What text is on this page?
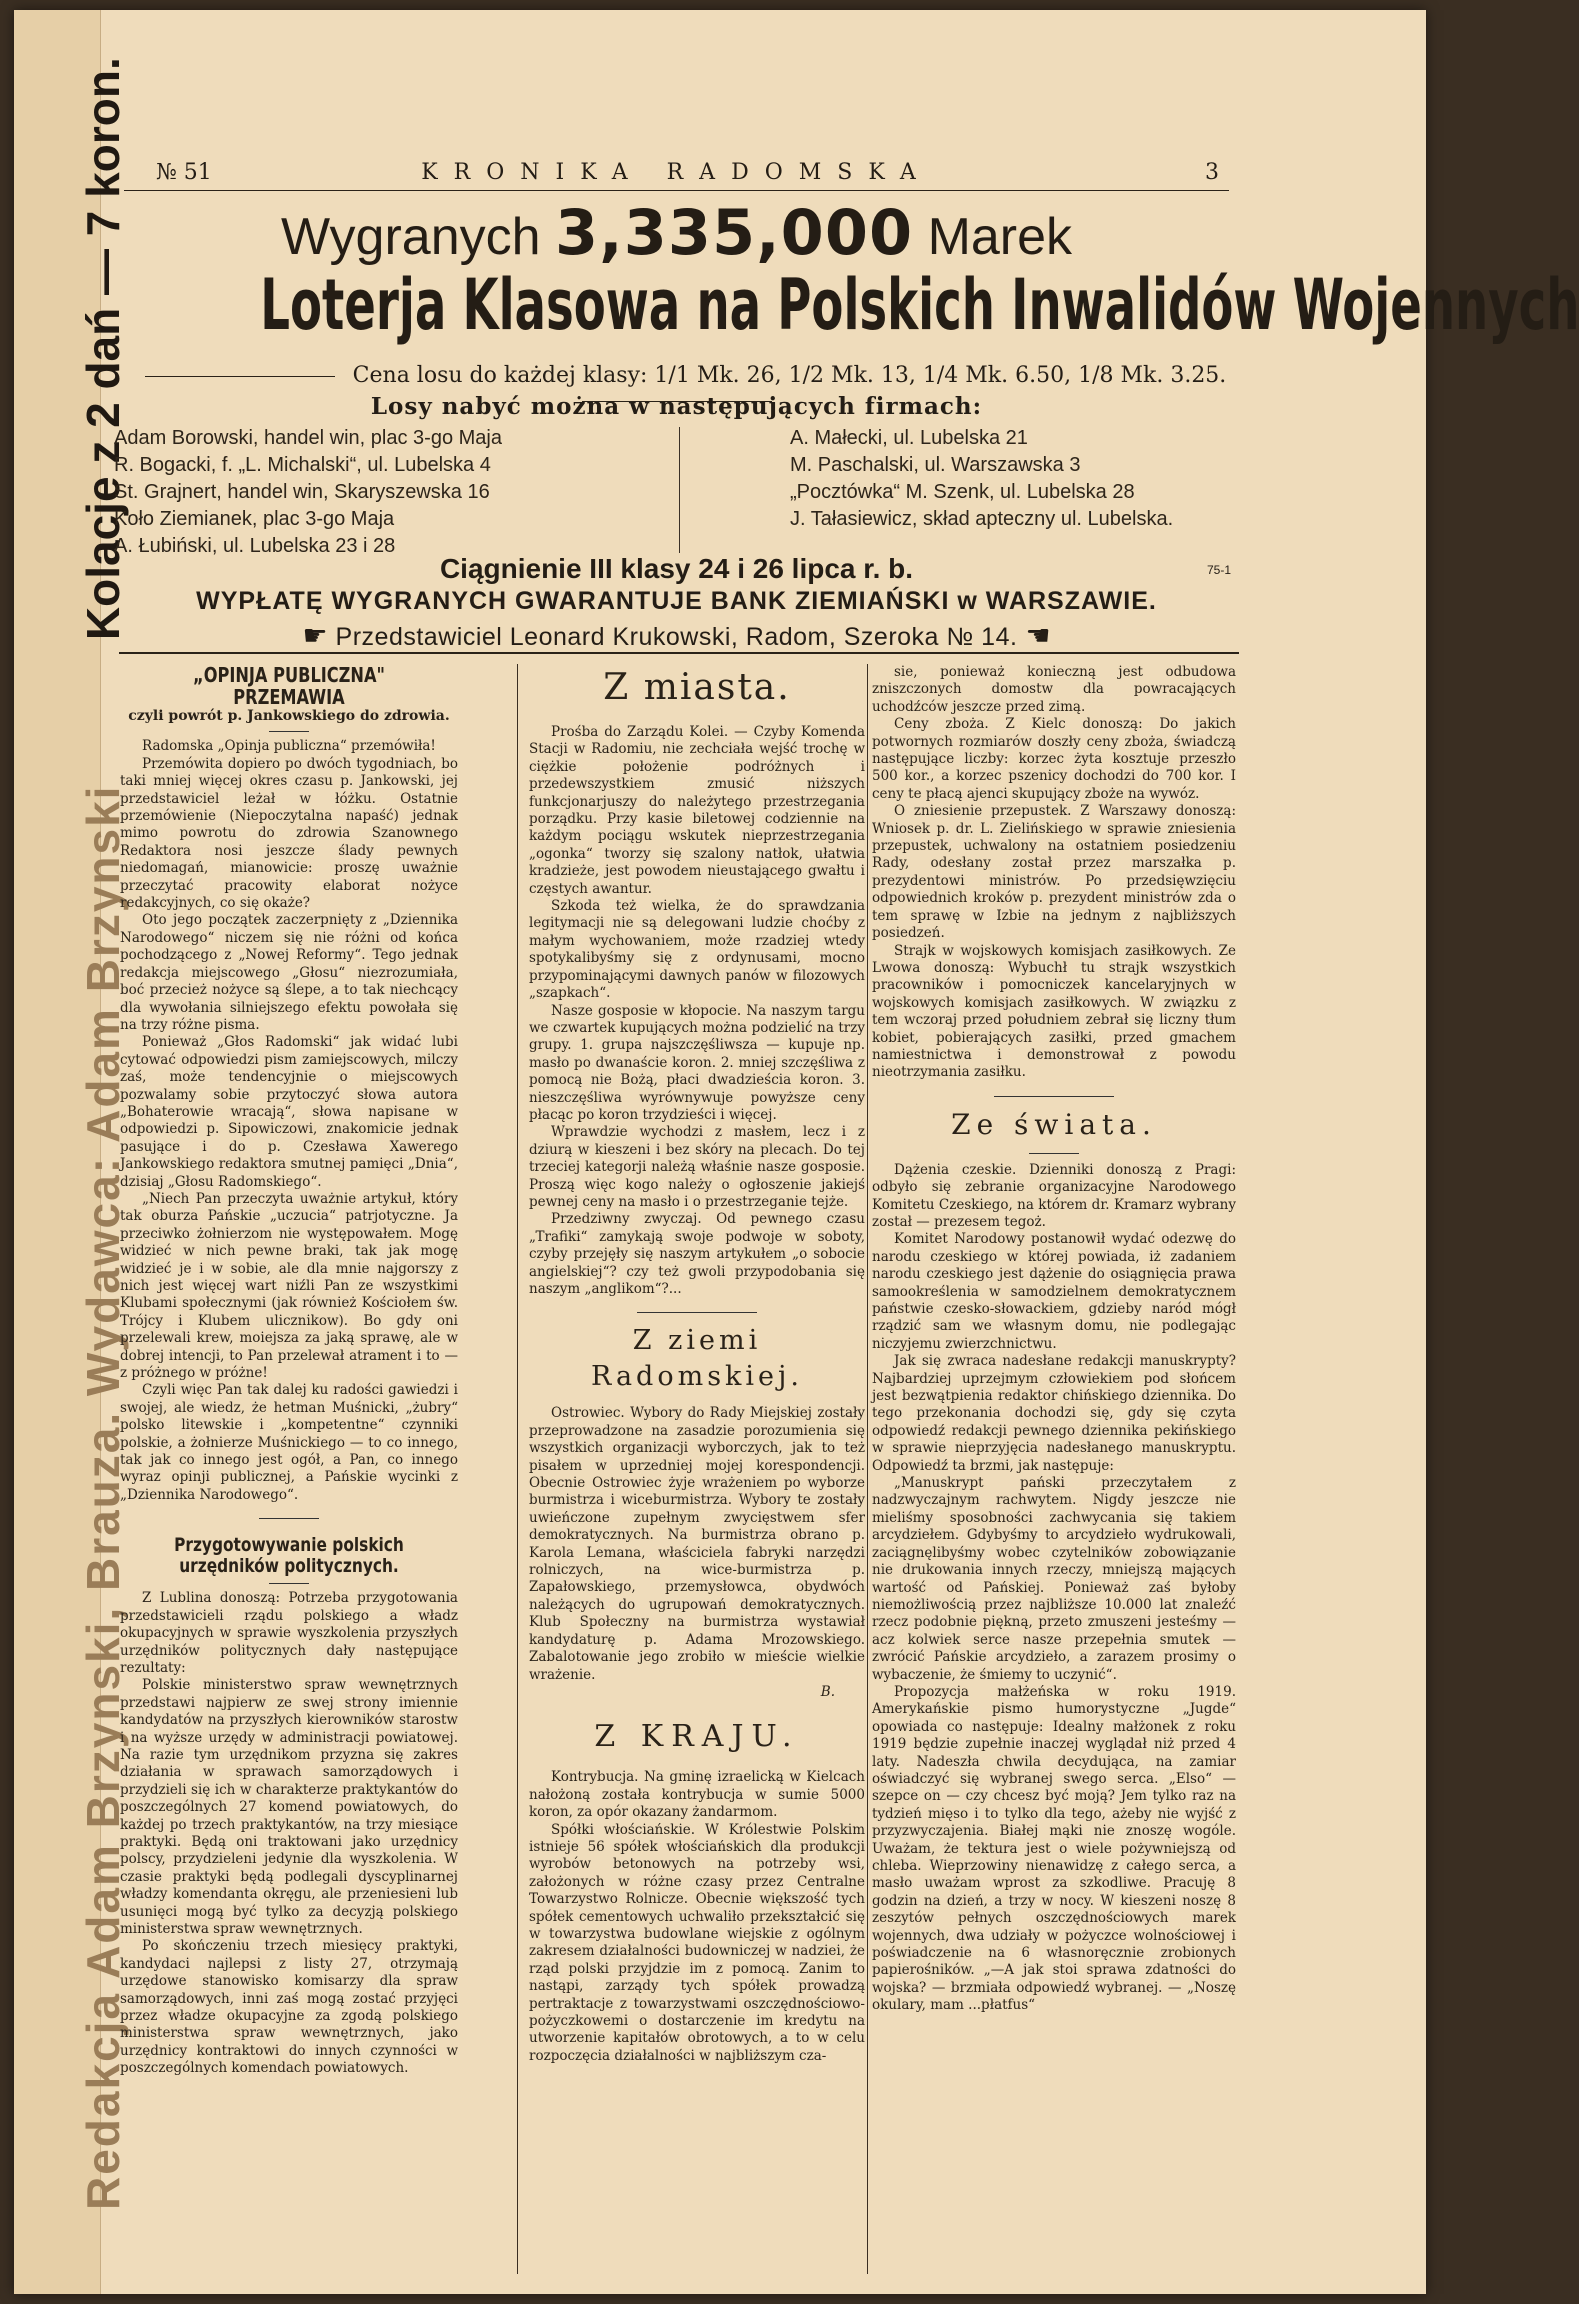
Redakcja Adam Brzynski, Brauza. Wydawca: Adam Brzynski Kolacje z 2 dań — 7 koron. № 51	KRONIKA RADOMSKA	3
Wygranych 3,335,000 Marek
Loterja Klasowa na Polskich Inwalidów Wojennych
Cena losu do każdej klasy: 1/1 Mk. 26, 1/2 Mk. 13, 1/4 Mk. 6.50, 1/8 Mk. 3.25.
Losy nabyć można w następujących firmach:
Adam Borowski, handel win, plac 3-go Maja
R. Bogacki, f. „L. Michalski“, ul. Lubelska 4
St. Grajnert, handel win, Skaryszewska 16
Koło Ziemianek, plac 3-go Maja
A. Łubiński, ul. Lubelska 23 i 28
A. Małecki, ul. Lubelska 21
M. Paschalski, ul. Warszawska 3
„Pocztówka“ M. Szenk, ul. Lubelska 28
J. Tałasiewicz, skład apteczny ul. Lubelska.
Ciągnienie III klasy 24 i 26 lipca r. b.	75-1
WYPŁATĘ WYGRANYCH GWARANTUJE BANK ZIEMIAŃSKI w WARSZAWIE.
☛ Przedstawiciel Leonard Krukowski, Radom, Szeroka № 14. ☛
„OPINJA PUBLICZNA" PRZEMAWIA
czyli powrót p. Jankowskiego do zdrowia.

Radomska „Opinja publiczna“ przemówiła!

Przemówita dopiero po dwóch tygodniach, bo taki mniej więcej okres czasu p. Jankowski, jej przedstawiciel leżał w łóżku. Ostatnie przemówienie (Niepoczytalna napaść) jednak mimo powrotu do zdrowia Szanownego Redaktora nosi jeszcze ślady pewnych niedomagań, mianowicie: proszę uważnie przeczytać pracowity elaborat nożyce redakcyjnych, co się okaże?

Oto jego początek zaczerpnięty z „Dziennika Narodowego“ niczem się nie różni od końca pochodzącego z „Nowej Reformy“. Tego jednak redakcja miejscowego „Głosu“ niezrozumiała, boć przecież nożyce są ślepe, a to tak niechcący dla wywołania silniejszego efektu powołała się na trzy różne pisma.

Ponieważ „Głos Radomski“ jak widać lubi cytować odpowiedzi pism zamiejscowych, milczy zaś, może tendencyjnie o miejscowych pozwalamy sobie przytoczyć słowa autora „Bohaterowie wracają“, słowa napisane w odpowiedzi p. Sipowiczowi, znakomicie jednak pasujące i do p. Czesława Xawerego Jankowskiego redaktora smutnej pamięci „Dnia“, dzisiaj „Głosu Radomskiego“.

„Niech Pan przeczyta uważnie artykuł, który tak oburza Pańskie „uczucia“ patrjotyczne. Ja przeciwko żołnierzom nie występowałem. Mogę widzieć w nich pewne braki, tak jak mogę widzieć je i w sobie, ale dla mnie najgorszy z nich jest więcej wart niźli Pan ze wszystkimi Klubami społecznymi (jak również Kościołem św. Trójcy i Klubem ulicznikow). Bo gdy oni przelewali krew, moiejsza za jaką sprawę, ale w dobrej intencji, to Pan przelewał atrament i to — z próżnego w próżne!

Czyli więc Pan tak dalej ku radości gawiedzi i swojej, ale wiedz, że hetman Muśnicki, „żubry“ polsko litewskie i „kompetentne“ czynniki polskie, a żołnierze Muśnickiego — to co innego, tak jak co innego jest ogół, a Pan, co innego wyraz opinji publicznej, a Pańskie wycinki z „Dziennika Narodowego“.

Przygotowywanie polskich urzędników politycznych.

Z Lublina donoszą: Potrzeba przygotowania przedstawicieli rządu polskiego a władz okupacyjnych w sprawie wyszkolenia przyszłych urzędników politycznych dały następujące rezultaty:

Polskie ministerstwo spraw wewnętrznych przedstawi najpierw ze swej strony imiennie kandydatów na przyszłych kierowników starostw i na wyższe urzędy w administracji powiatowej. Na razie tym urzędnikom przyzna się zakres działania w sprawach samorządowych i przydzieli się ich w charakterze praktykantów do poszczególnych 27 komend powiatowych, do każdej po trzech praktykantów, na trzy miesiące praktyki. Będą oni traktowani jako urzędnicy polscy, przydzieleni jedynie dla wyszkolenia. W czasie praktyki będą podlegali dyscyplinarnej władzy komendanta okręgu, ale przeniesieni lub usunięci mogą być tylko za decyzją polskiego ministerstwa spraw wewnętrznych.

Po skończeniu trzech miesięcy praktyki, kandydaci najlepsi z listy 27, otrzymają urzędowe stanowisko komisarzy dla spraw samorządowych, inni zaś mogą zostać przyjęci przez władze okupacyjne za zgodą polskiego ministerstwa spraw wewnętrznych, jako urzędnicy kontraktowi do innych czynności w poszczególnych komendach powiatowych.

Z miasta.

Prośba do Zarządu Kolei. — Czyby Komenda Stacji w Radomiu, nie zechciała wejść trochę w ciężkie położenie podróżnych i przedewszystkiem zmusić niższych funkcjonarjuszy do należytego przestrzegania porządku. Przy kasie biletowej codziennie na każdym pociągu wskutek nieprzestrzegania „ogonka“ tworzy się szalony natłok, ułatwia kradzieże, jest powodem nieustającego gwałtu i częstych awantur.

Szkoda też wielka, że do sprawdzania legitymacji nie są delegowani ludzie choćby z małym wychowaniem, może rzadziej wtedy spotykalibyśmy się z ordynusami, mocno przypominającymi dawnych panów w filozowych „szapkach“.

Nasze gosposie w kłopocie. Na naszym targu we czwartek kupujących można podzielić na trzy grupy. 1. grupa najszczęśliwsza — kupuje np. masło po dwanaście koron. 2. mniej szczęśliwa z pomocą nie Bożą, płaci dwadzieścia koron. 3. nieszczęśliwa wyrównywuje powyższe ceny płacąc po koron trzydzieści i więcej.

Wprawdzie wychodzi z masłem, lecz i z dziurą w kieszeni i bez skóry na plecach. Do tej trzeciej kategorji należą właśnie nasze gosposie. Proszą więc kogo należy o ogłoszenie jakiejś pewnej ceny na masło i o przestrzeganie tejże.

Przedziwny zwyczaj. Od pewnego czasu „Trafiki“ zamykają swoje podwoje w soboty, czyby przejęły się naszym artykułem „o sobocie angielskiej“? czy też gwoli przypodobania się naszym „anglikom“?...

Z ziemi Radomskiej.

Ostrowiec. Wybory do Rady Miejskiej zostały przeprowadzone na zasadzie porozumienia się wszystkich organizacji wyborczych, jak to też pisałem w uprzedniej mojej korespondencji. Obecnie Ostrowiec żyje wrażeniem po wyborze burmistrza i wiceburmistrza. Wybory te zostały uwieńczone zupełnym zwycięstwem sfer demokratycznych. Na burmistrza obrano p. Karola Lemana, właściciela fabryki narzędzi rolniczych, na wice-burmistrza p. Zapałowskiego, przemysłowca, obydwóch należących do ugrupowań demokratycznych. Klub Społeczny na burmistrza wystawiał kandydaturę p. Adama Mrozowskiego. Zabalotowanie jego zrobiło w mieście wielkie wrażenie.

B.
Z KRAJU.

Kontrybucja. Na gminę izraelicką w Kielcach nałożoną została kontrybucja w sumie 5000 koron, za opór okazany żandarmom.

Spółki włościańskie. W Królestwie Polskim istnieje 56 spółek włościańskich dla produkcji wyrobów betonowych na potrzeby wsi, założonych w różne czasy przez Centralne Towarzystwo Rolnicze. Obecnie większość tych spółek cementowych uchwaliło przekształcić się w towarzystwa budowlane wiejskie z ogólnym zakresem działalności budowniczej w nadziei, że rząd polski przyjdzie im z pomocą. Zanim to nastąpi, zarządy tych spółek prowadzą pertraktacje z towarzystwami oszczędnościowo-pożyczkowemi o dostarczenie im kredytu na utworzenie kapitałów obrotowych, a to w celu rozpoczęcia działalności w najbliższym cza-

sie, ponieważ konieczną jest odbudowa zniszczonych domostw dla powracających uchodźców jeszcze przed zimą.

Ceny zboża. Z Kielc donoszą: Do jakich potwornych rozmiarów doszły ceny zboża, świadczą następujące liczby: korzec żyta kosztuje przeszło 500 kor., a korzec pszenicy dochodzi do 700 kor. I ceny te płacą ajenci skupujący zboże na wywóz.

O zniesienie przepustek. Z Warszawy donoszą: Wniosek p. dr. L. Zielińskiego w sprawie zniesienia przepustek, uchwalony na ostatniem posiedzeniu Rady, odesłany został przez marszałka p. prezydentowi ministrów. Po przedsięwzięciu odpowiednich kroków p. prezydent ministrów zda o tem sprawę w Izbie na jednym z najbliższych posiedzeń.

Strajk w wojskowych komisjach zasiłkowych. Ze Lwowa donoszą: Wybuchł tu strajk wszystkich pracowników i pomocniczek kancelaryjnych w wojskowych komisjach zasiłkowych. W związku z tem wczoraj przed południem zebrał się liczny tłum kobiet, pobierających zasiłki, przed gmachem namiestnictwa i demonstrował z powodu nieotrzymania zasiłku.

Ze świata.

Dążenia czeskie. Dzienniki donoszą z Pragi: odbyło się zebranie organizacyjne Narodowego Komitetu Czeskiego, na którem dr. Kramarz wybrany został — prezesem tegoż.

Komitet Narodowy postanowił wydać odezwę do narodu czeskiego w której powiada, iż zadaniem narodu czeskiego jest dążenie do osiągnięcia prawa samookreślenia w samodzielnem demokratycznem państwie czesko-słowackiem, gdzieby naród mógł rządzić sam we własnym domu, nie podlegając niczyjemu zwierzchnictwu.

Jak się zwraca nadesłane redakcji manuskrypty? Najbardziej uprzejmym człowiekiem pod słońcem jest bezwątpienia redaktor chińskiego dziennika. Do tego przekonania dochodzi się, gdy się czyta odpowiedź redakcji pewnego dziennika pekińskiego w sprawie nieprzyjęcia nadesłanego manuskryptu. Odpowiedź ta brzmi, jak następuje:

„Manuskrypt pański przeczytałem z nadzwyczajnym rachwytem. Nigdy jeszcze nie mieliśmy sposobności zachwycania się takiem arcydziełem. Gdybyśmy to arcydzieło wydrukowali, zaciągnęlibyśmy wobec czytelników zobowiązanie nie drukowania innych rzeczy, mniejszą mających wartość od Pańskiej. Ponieważ zaś byłoby niemożliwością przez najbliższe 10.000 lat znaleźć rzecz podobnie piękną, przeto zmuszeni jesteśmy — acz kolwiek serce nasze przepełnia smutek — zwrócić Pańskie arcydzieło, a zarazem prosimy o wybaczenie, że śmiemy to uczynić“.

Propozycja małżeńska w roku 1919. Amerykańskie pismo humorystyczne „Jugde“ opowiada co następuje: Idealny małżonek z roku 1919 będzie zupełnie inaczej wyglądał niż przed 4 laty. Nadeszła chwila decydująca, na zamiar oświadczyć się wybranej swego serca. „Elso“ — szepce on — czy chcesz być moją? Jem tylko raz na tydzień mięso i to tylko dla tego, ażeby nie wyjść z przyzwyczajenia. Białej mąki nie znoszę wogóle. Uważam, że tektura jest o wiele pożywniejszą od chleba. Wieprzowiny nienawidzę z całego serca, a masło uważam wprost za szkodliwe. Pracuję 8 godzin na dzień, a trzy w nocy. W kieszeni noszę 8 zeszytów pełnych oszczędnościowych marek wojennych, dwa udziały w pożyczce wolnościowej i poświadczenie na 6 własnoręcznie zrobionych papierośników. „—A jak stoi sprawa zdatności do wojska? — brzmiała odpowiedź wybranej. — „Noszę okulary, mam ...płatfus“
